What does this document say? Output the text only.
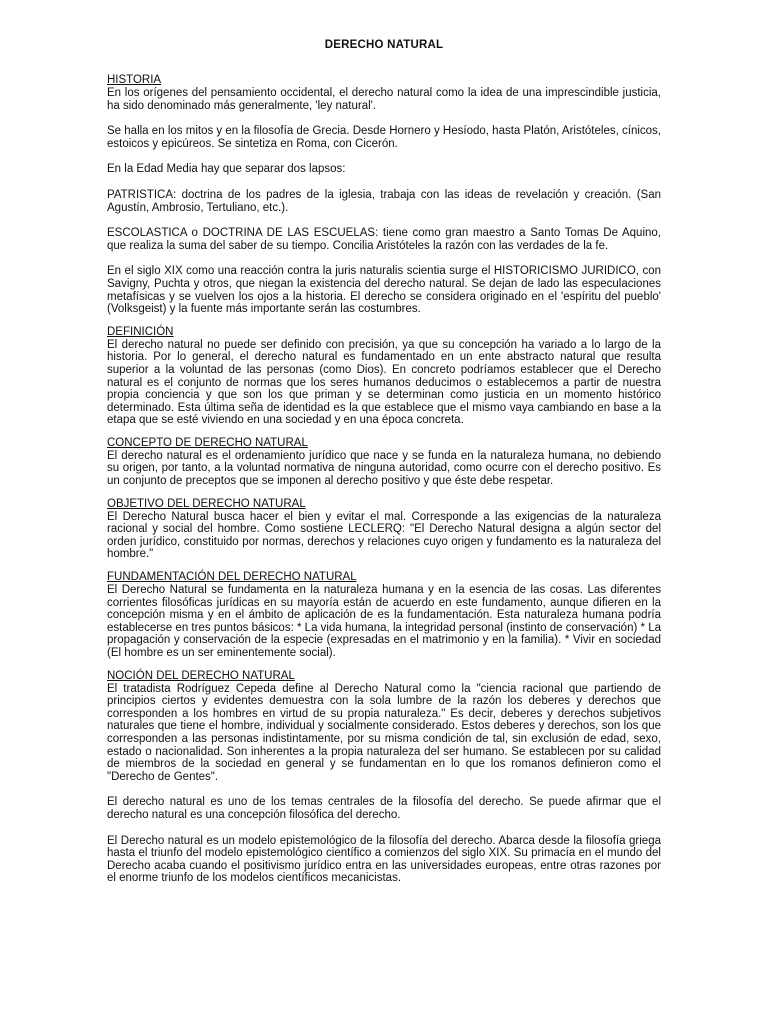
DERECHO NATURAL
HISTORIA

En los orígenes del pensamiento occidental, el derecho natural como la idea de una imprescindible justicia, ha sido denominado más generalmente, 'ley natural'.

Se halla en los mitos y en la filosofía de Grecia. Desde Hornero y Hesíodo, hasta Platón, Aristóteles, cínicos, estoicos y epicúreos. Se sintetiza en Roma, con Cicerón.

En la Edad Media hay que separar dos lapsos:

PATRISTICA: doctrina de los padres de la iglesia, trabaja con las ideas de revelación y creación. (San Agustín, Ambrosio, Tertuliano, etc.).

ESCOLASTICA o DOCTRINA DE LAS ESCUELAS: tiene como gran maestro a Santo Tomas De Aquino, que realiza la suma del saber de su tiempo. Concilia Aristóteles la razón con las verdades de la fe.

En el siglo XIX como una reacción contra la juris naturalis scientia surge el HISTORICISMO JURIDICO, con Savigny, Puchta y otros, que niegan la existencia del derecho natural. Se dejan de lado las especulaciones metafísicas y se vuelven los ojos a la historia. El derecho se considera originado en el 'espíritu del pueblo' (Volksgeist) y la fuente más importante serán las costumbres.

DEFINICIÓN

El derecho natural no puede ser definido con precisión, ya que su concepción ha variado a lo largo de la historia. Por lo general, el derecho natural es fundamentado en un ente abstracto natural que resulta superior a la voluntad de las personas (como Dios). En concreto podríamos establecer que el Derecho natural es el conjunto de normas que los seres humanos deducimos o establecemos a partir de nuestra propia conciencia y que son los que priman y se determinan como justicia en un momento histórico determinado. Esta última seña de identidad es la que establece que el mismo vaya cambiando en base a la etapa que se esté viviendo en una sociedad y en una época concreta.

CONCEPTO DE DERECHO NATURAL

El derecho natural es el ordenamiento jurídico que nace y se funda en la naturaleza humana, no debiendo su origen, por tanto, a la voluntad normativa de ninguna autoridad, como ocurre con el derecho positivo. Es un conjunto de preceptos que se imponen al derecho positivo y que éste debe respetar.

OBJETIVO DEL DERECHO NATURAL

El Derecho Natural busca hacer el bien y evitar el mal. Corresponde a las exigencias de la naturaleza racional y social del hombre. Como sostiene LECLERQ: "El Derecho Natural designa a algún sector del orden jurídico, constituido por normas, derechos y relaciones cuyo origen y fundamento es la naturaleza del hombre."

FUNDAMENTACIÓN DEL DERECHO NATURAL

El Derecho Natural se fundamenta en la naturaleza humana y en la esencia de las cosas. Las diferentes corrientes filosóficas jurídicas en su mayoría están de acuerdo en este fundamento, aunque difieren en la concepción misma y en el ámbito de aplicación de es la fundamentación. Esta naturaleza humana podría establecerse en tres puntos básicos: * La vida humana, la integridad personal (instinto de conservación) * La propagación y conservación de la especie (expresadas en el matrimonio y en la familia). * Vivir en sociedad (El hombre es un ser eminentemente social).

NOCIÓN DEL DERECHO NATURAL

El tratadista Rodríguez Cepeda define al Derecho Natural como la "ciencia racional que partiendo de principios ciertos y evidentes demuestra con la sola lumbre de la razón los deberes y derechos que corresponden a los hombres en virtud de su propia naturaleza." Es decir, deberes y derechos subjetivos naturales que tiene el hombre, individual y socialmente considerado. Estos deberes y derechos, son los que corresponden a las personas indistintamente, por su misma condición de tal, sin exclusión de edad, sexo, estado o nacionalidad. Son inherentes a la propia naturaleza del ser humano. Se establecen por su calidad de miembros de la sociedad en general y se fundamentan en lo que los romanos definieron como el "Derecho de Gentes".

El derecho natural es uno de los temas centrales de la filosofía del derecho. Se puede afirmar que el derecho natural es una concepción filosófica del derecho.

El Derecho natural es un modelo epistemológico de la filosofía del derecho. Abarca desde la filosofía griega hasta el triunfo del modelo epistemológico científico a comienzos del siglo XIX. Su primacía en el mundo del Derecho acaba cuando el positivismo jurídico entra en las universidades europeas, entre otras razones por el enorme triunfo de los modelos científicos mecanicistas.
